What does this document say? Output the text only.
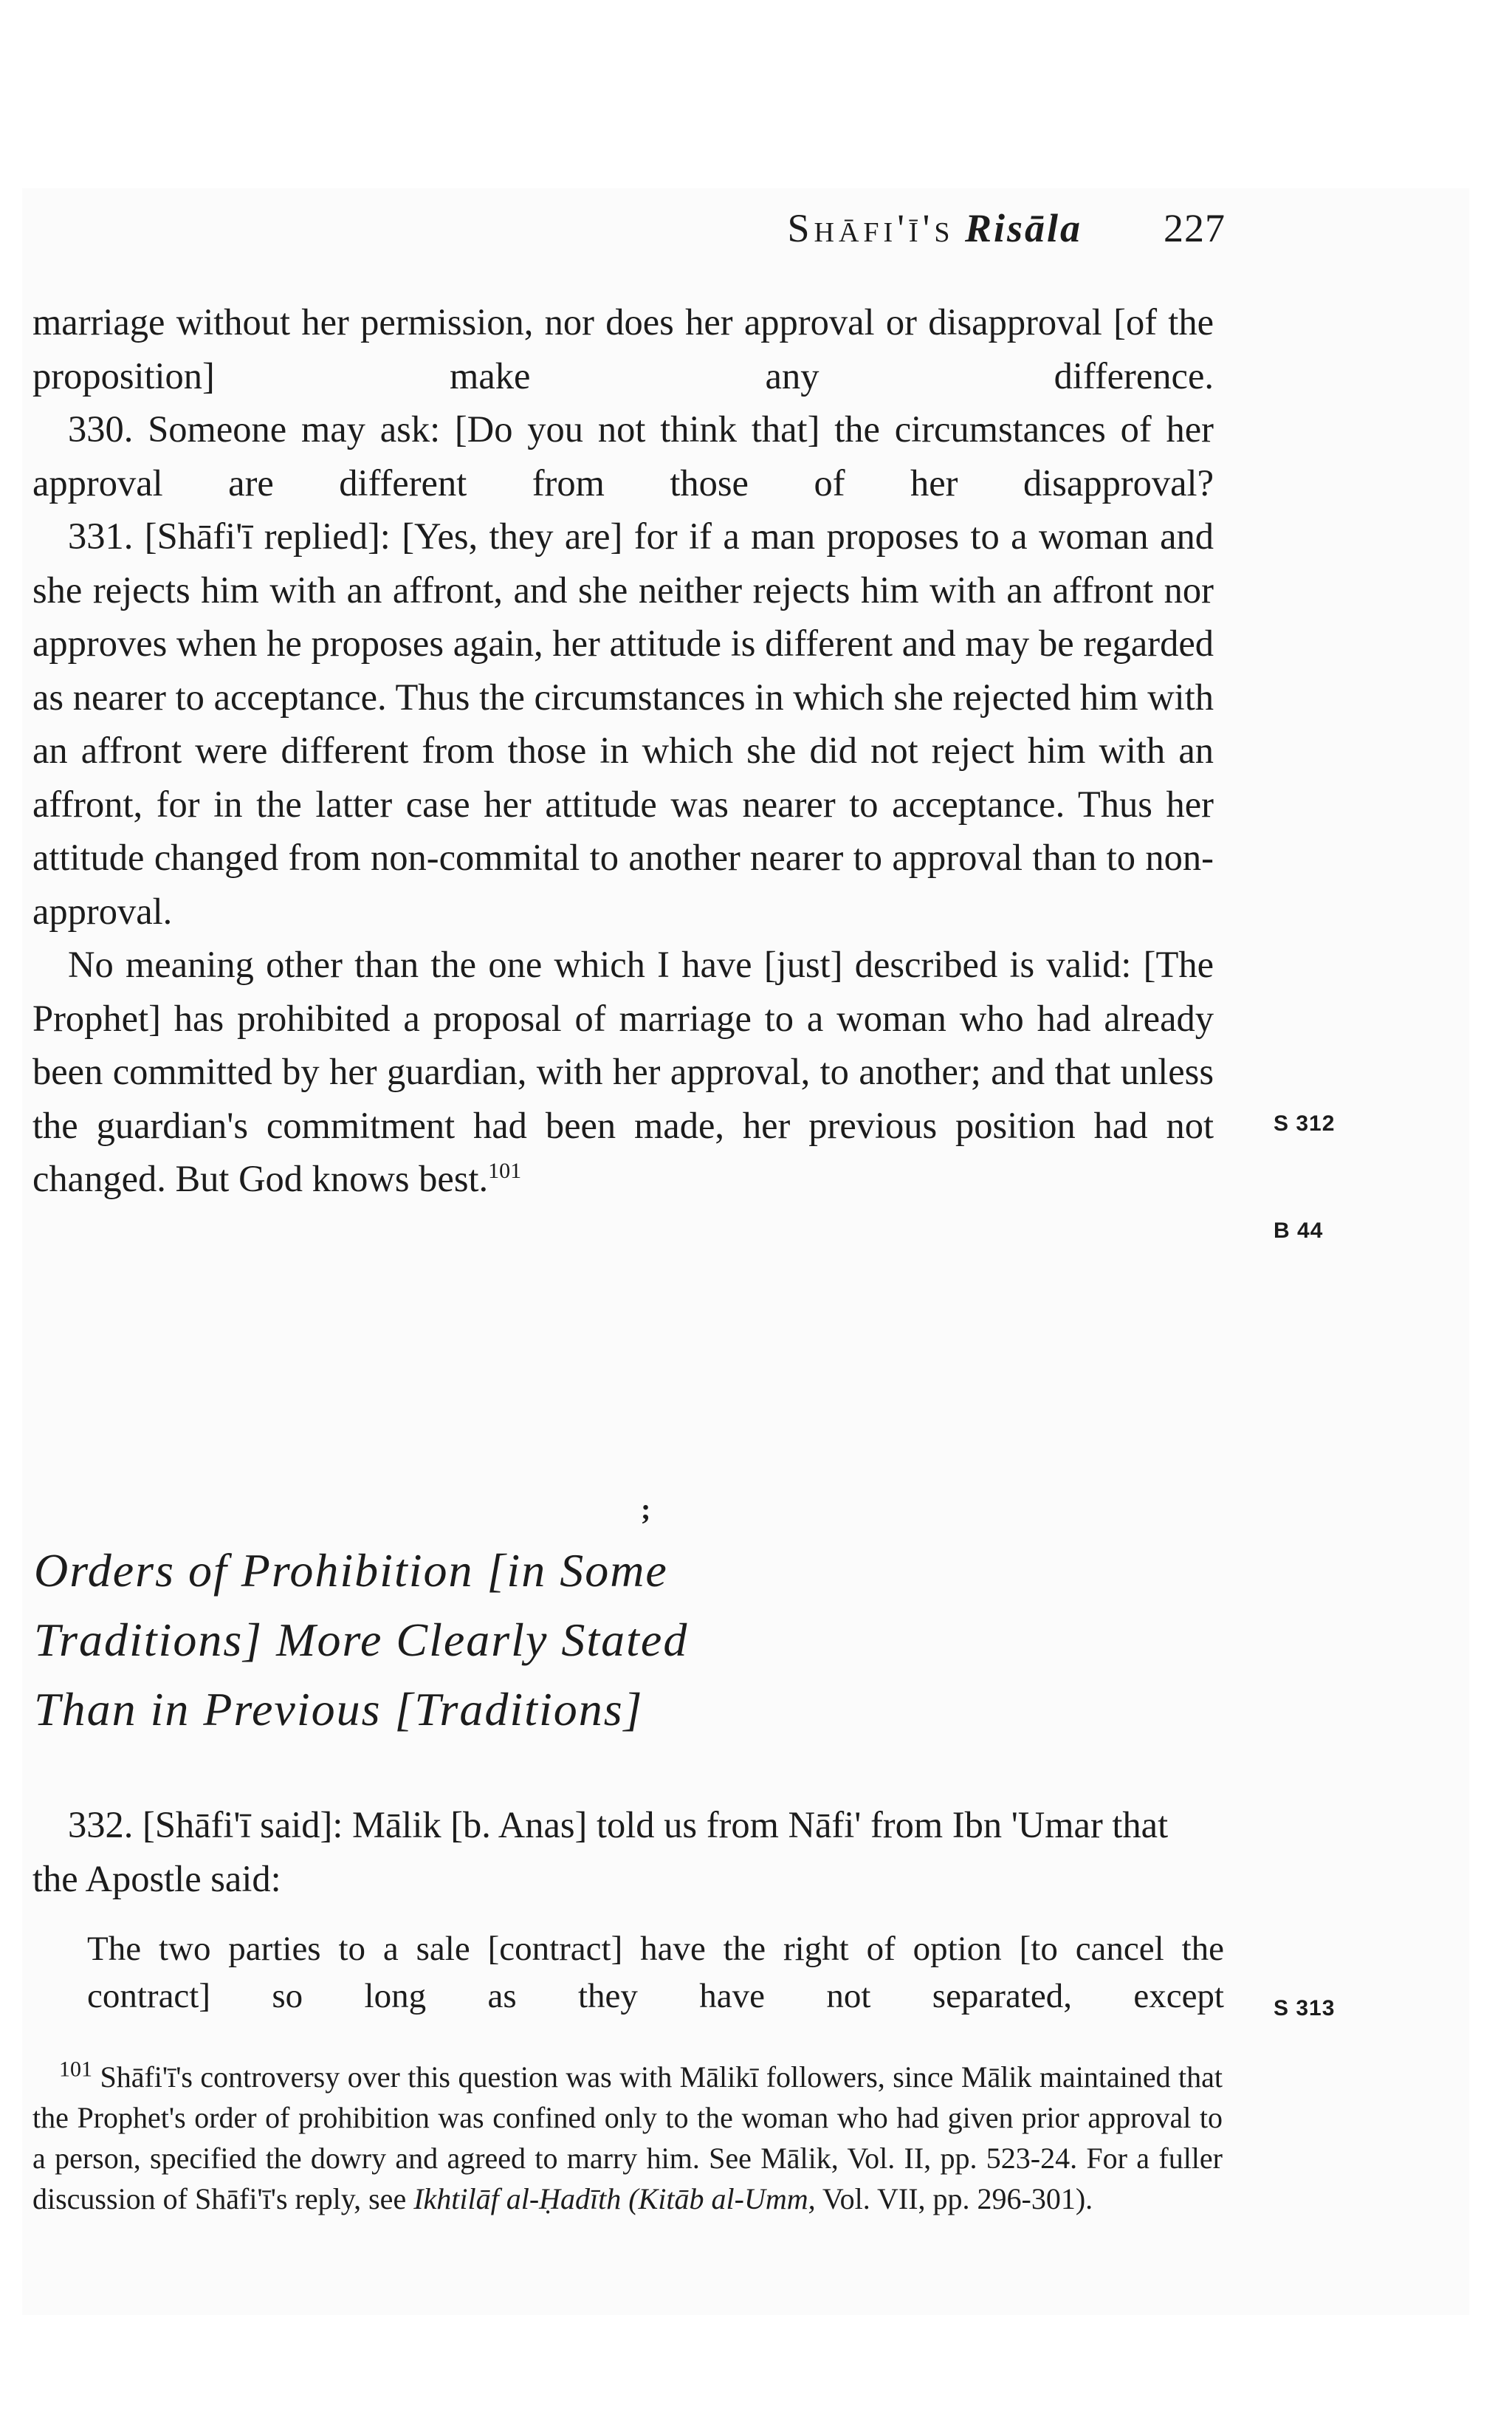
Shāfi'ī's Risāla 227

marriage without her permission, nor does her approval or disapproval [of the proposition] make any difference.

330. Someone may ask: [Do you not think that] the circumstances of her approval are different from those of her disapproval?

331. [Shāfi'ī replied]: [Yes, they are] for if a man proposes to a woman and she rejects him with an affront, and she neither rejects him with an affront nor approves when he proposes again, her attitude is different and may be regarded as nearer to acceptance. Thus the circumstances in which she rejected him with an affront were different from those in which she did not reject him with an affront, for in the latter case her attitude was nearer to acceptance. Thus her attitude changed from non-commital to another nearer to approval than to non-approval.

No meaning other than the one which I have [just] described is valid: [The Prophet] has prohibited a proposal of marriage to a woman who had already been committed by her guardian, with her approval, to another; and that unless the guardian's commitment had been made, her previous position had not changed. But God knows best.$^{101}$

S 312
B 44
S 313
;
Orders of Prohibition [in Some
Traditions] More Clearly Stated
Than in Previous [Traditions]

332. [Shāfi'ī said]: Mālik [b. Anas] told us from Nāfi' from Ibn 'Umar that the Apostle said:

The two parties to a sale [contract] have the right of option [to cancel the contract] so long as they have not separated, except

$^{101}$ Shāfi'ī's controversy over this question was with Mālikī followers, since Mālik maintained that the Prophet's order of prohibition was confined only to the woman who had given prior approval to a person, specified the dowry and agreed to marry him. See Mālik, Vol. II, pp. 523-24. For a fuller discussion of Shāfi'ī's reply, see Ikhtilāf al-Ḥadīth (Kitāb al-Umm, Vol. VII, pp. 296-301).
